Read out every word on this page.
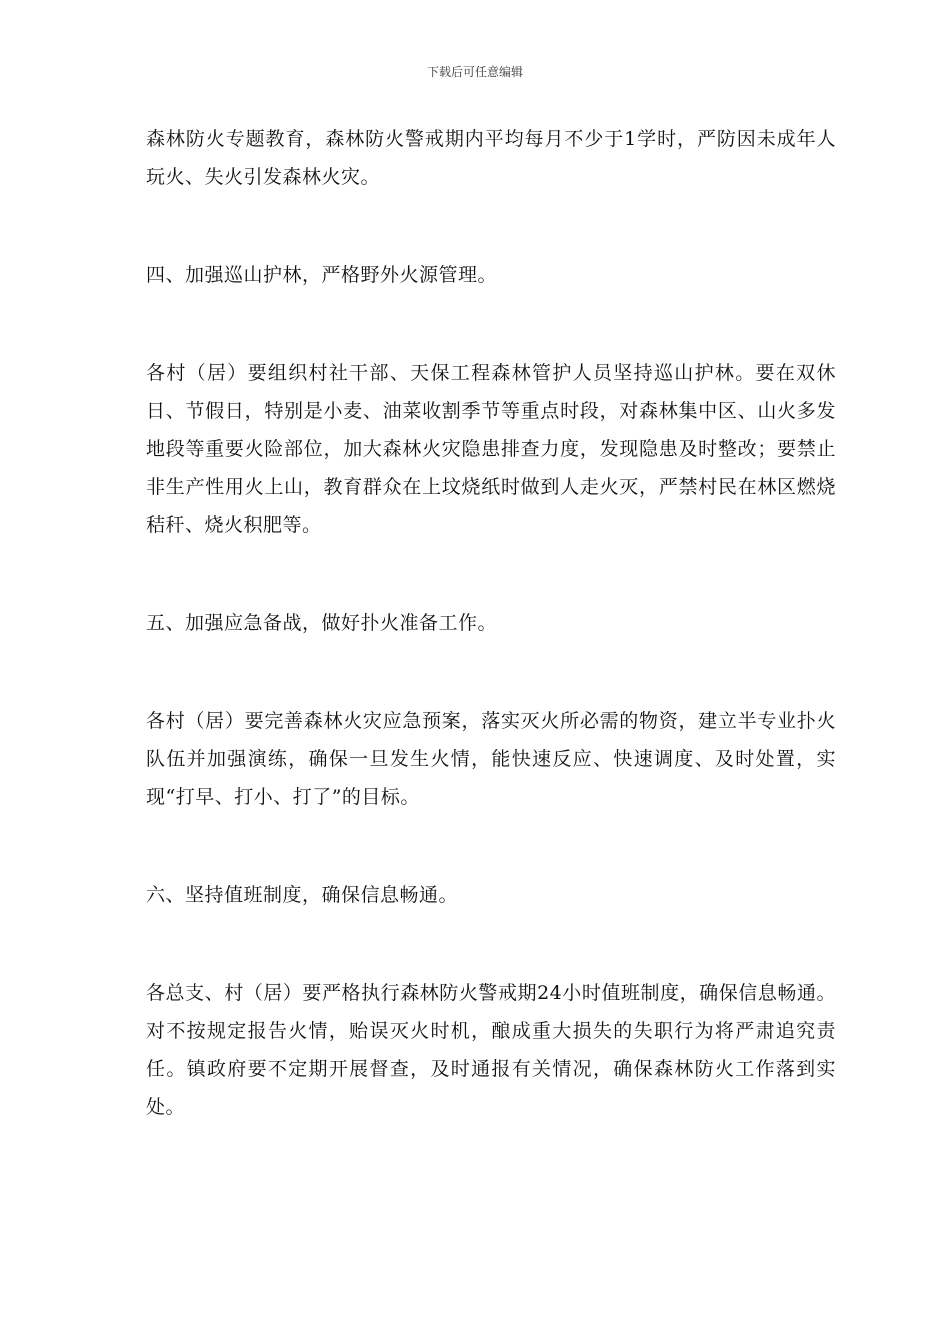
下载后可任意编辑

森林防火专题教育，森林防火警戒期内平均每月不少于1学时，严防因未成年人玩火、失火引发森林火灾。

四、加强巡山护林，严格野外火源管理。

各村（居）要组织村社干部、天保工程森林管护人员坚持巡山护林。要在双休日、节假日，特别是小麦、油菜收割季节等重点时段，对森林集中区、山火多发地段等重要火险部位，加大森林火灾隐患排查力度，发现隐患及时整改；要禁止非生产性用火上山，教育群众在上坟烧纸时做到人走火灭，严禁村民在林区燃烧秸秆、烧火积肥等。

五、加强应急备战，做好扑火准备工作。

各村（居）要完善森林火灾应急预案，落实灭火所必需的物资，建立半专业扑火队伍并加强演练，确保一旦发生火情，能快速反应、快速调度、及时处置，实现“打早、打小、打了”的目标。

六、坚持值班制度，确保信息畅通。

各总支、村（居）要严格执行森林防火警戒期24小时值班制度，确保信息畅通。对不按规定报告火情，贻误灭火时机，酿成重大损失的失职行为将严肃追究责任。镇政府要不定期开展督查，及时通报有关情况，确保森林防火工作落到实处。
